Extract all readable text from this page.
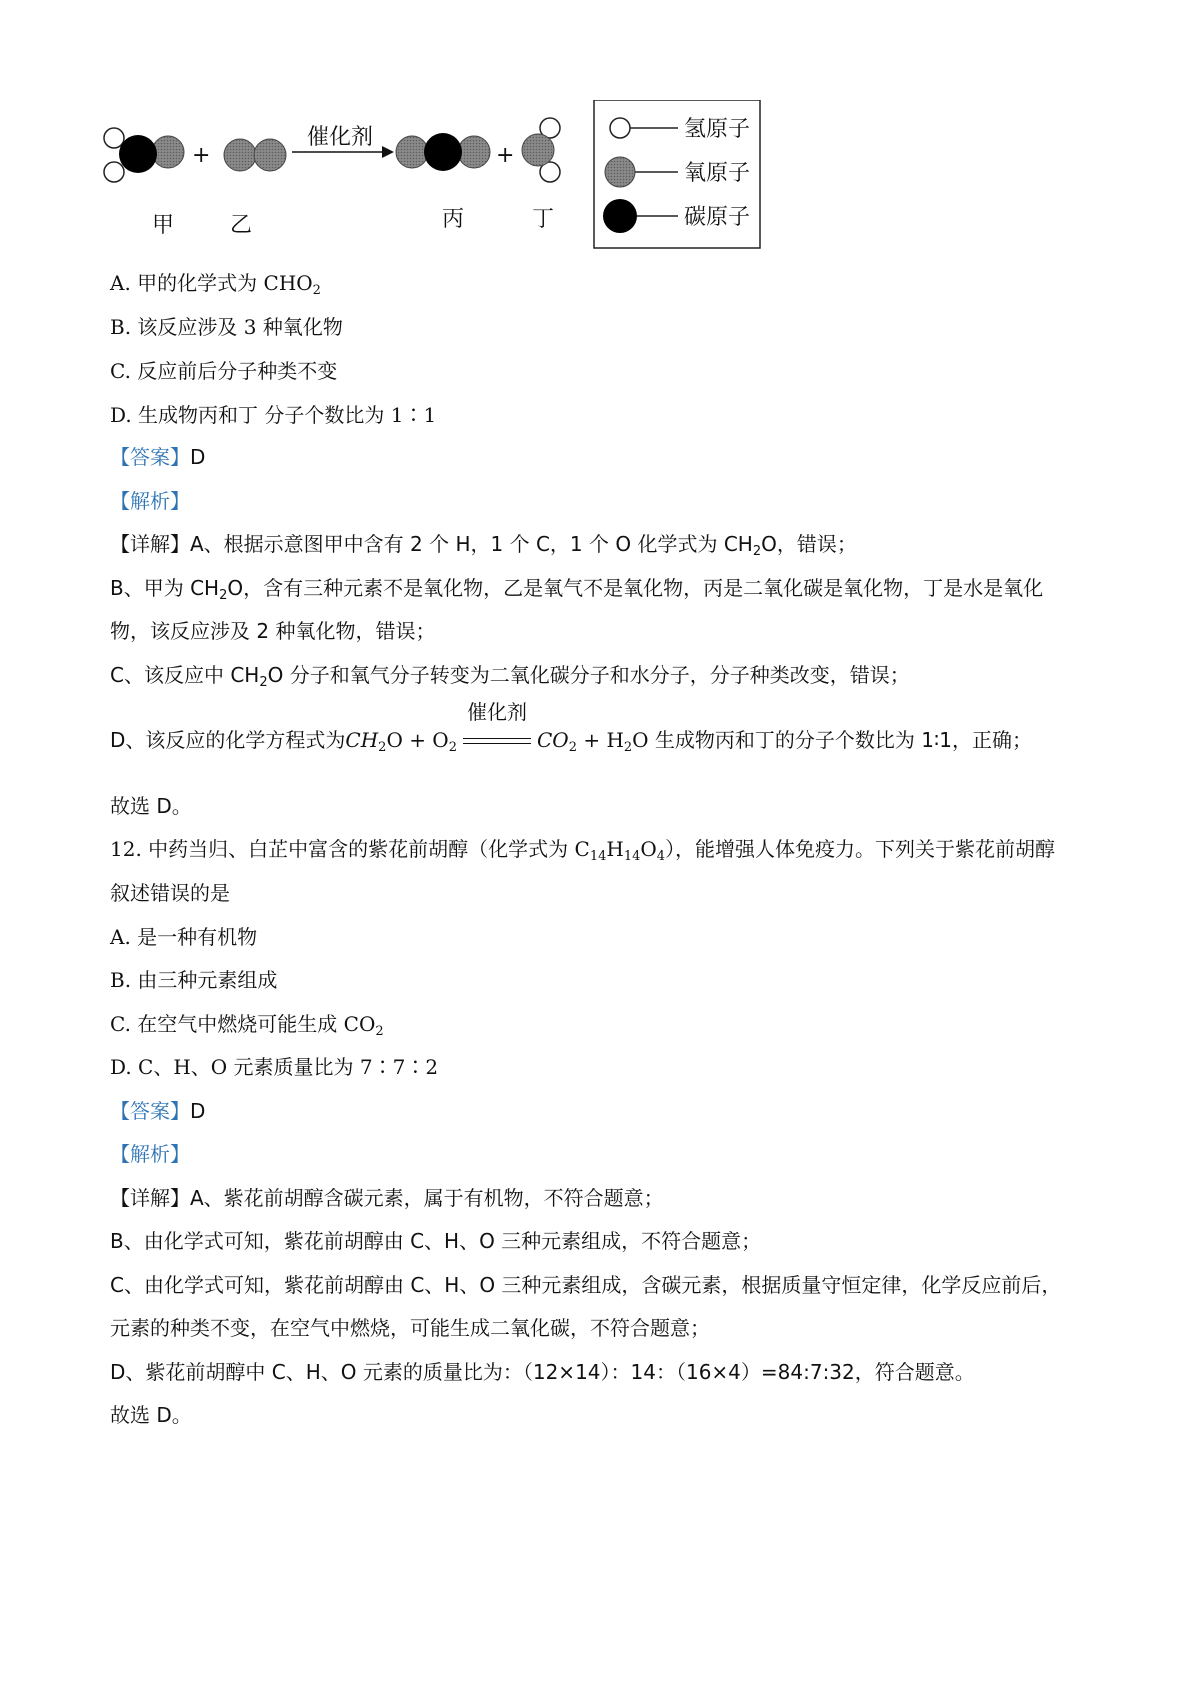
+
催化剂
+
甲	乙	丙	丁
氢原子
氧原子
碳原子
A. 甲的化学式为 $CHO_2$
B. 该反应涉及 3 种氧化物
C. 反应前后分子种类不变
D. 生成物丙和丁 分子个数比为 1∶1
【答案】D
【解析】
【详解】A、根据示意图甲中含有 2 个 H，1 个 C，1 个 O 化学式为 $CH_2O$，错误；
B、甲为 $CH_2O$，含有三种元素不是氧化物，乙是氧气不是氧化物，丙是二氧化碳是氧化物，丁是水是氧化
物，该反应涉及 2 种氧化物，错误；
C、该反应中 $CH_2O$ 分子和氧气分子转变为二氧化碳分子和水分子，分子种类改变，错误；
D、该反应的化学方程式为$CH_2O + O_2$
催化剂
$CO_2 + H_2O$ 生成物丙和丁的分子个数比为 1∶1，正确；
故选 D。
12. 中药当归、白芷中富含的紫花前胡醇（化学式为 $C_{14}H_{14}O_4$），能增强人体免疫力。下列关于紫花前胡醇
叙述错误的是
A. 是一种有机物
B. 由三种元素组成
C. 在空气中燃烧可能生成 $CO_2$
D. C、H、O 元素质量比为 7∶7∶2
【答案】D
【解析】
【详解】A、紫花前胡醇含碳元素，属于有机物，不符合题意；
B、由化学式可知，紫花前胡醇由 C、H、O 三种元素组成，不符合题意；
C、由化学式可知，紫花前胡醇由 C、H、O 三种元素组成，含碳元素，根据质量守恒定律，化学反应前后，
元素的种类不变，在空气中燃烧，可能生成二氧化碳，不符合题意；
D、紫花前胡醇中 C、H、O 元素的质量比为：（12×14）：14：（16×4）=84:7:32，符合题意。
故选 D。
